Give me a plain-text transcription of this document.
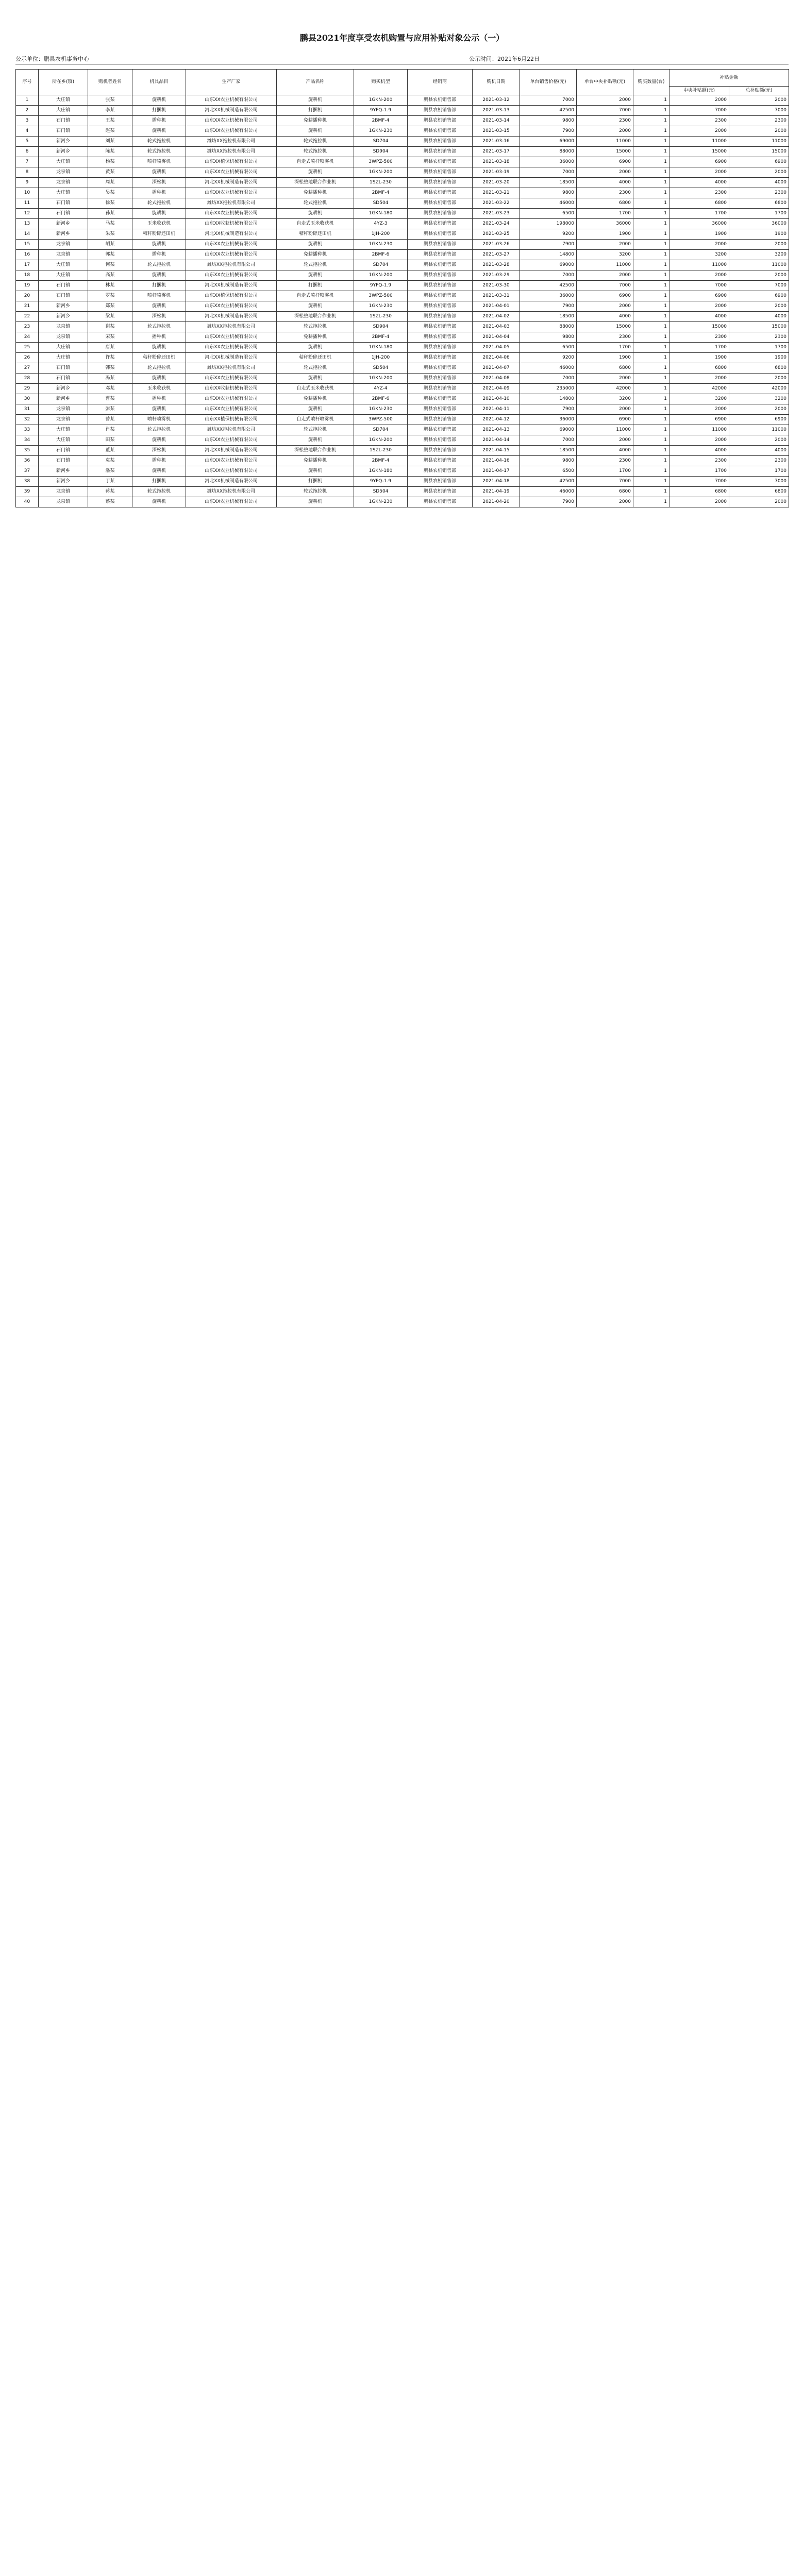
鹏县2021年度享受农机购置与应用补贴对象公示（一）
公示单位：鹏县农机事务中心	公示时间：2021年6月22日
序号	所在乡(镇)	购机者姓名	机具品目	生产厂家	产品名称	购买机型	经销商	购机日期	单台销售价格(元)	单台中央补贴额(元)	购买数量(台)	补贴金额	
												中央补贴额(元)	总补贴额(元)
1	大庄镇	张某	旋耕机	山东XX农业机械有限公司	旋耕机	1GKN-200	鹏县农机销售部	2021-03-12	7000	2000	1	2000	2000
2	大庄镇	李某	打捆机	河北XX机械制造有限公司	打捆机	9YFQ-1.9	鹏县农机销售部	2021-03-13	42500	7000	1	7000	7000
3	石门镇	王某	播种机	山东XX农业机械有限公司	免耕播种机	2BMF-4	鹏县农机销售部	2021-03-14	9800	2300	1	2300	2300
4	石门镇	赵某	旋耕机	山东XX农业机械有限公司	旋耕机	1GKN-230	鹏县农机销售部	2021-03-15	7900	2000	1	2000	2000
5	新河乡	刘某	轮式拖拉机	潍坊XX拖拉机有限公司	轮式拖拉机	SD704	鹏县农机销售部	2021-03-16	69000	11000	1	11000	11000
6	新河乡	陈某	轮式拖拉机	潍坊XX拖拉机有限公司	轮式拖拉机	SD904	鹏县农机销售部	2021-03-17	88000	15000	1	15000	15000
7	大庄镇	杨某	喷杆喷雾机	山东XX植保机械有限公司	自走式喷杆喷雾机	3WPZ-500	鹏县农机销售部	2021-03-18	36000	6900	1	6900	6900
8	龙泉镇	黄某	旋耕机	山东XX农业机械有限公司	旋耕机	1GKN-200	鹏县农机销售部	2021-03-19	7000	2000	1	2000	2000
9	龙泉镇	周某	深松机	河北XX机械制造有限公司	深松整地联合作业机	1SZL-230	鹏县农机销售部	2021-03-20	18500	4000	1	4000	4000
10	大庄镇	吴某	播种机	山东XX农业机械有限公司	免耕播种机	2BMF-4	鹏县农机销售部	2021-03-21	9800	2300	1	2300	2300
11	石门镇	徐某	轮式拖拉机	潍坊XX拖拉机有限公司	轮式拖拉机	SD504	鹏县农机销售部	2021-03-22	46000	6800	1	6800	6800
12	石门镇	孙某	旋耕机	山东XX农业机械有限公司	旋耕机	1GKN-180	鹏县农机销售部	2021-03-23	6500	1700	1	1700	1700
13	新河乡	马某	玉米收获机	山东XX收获机械有限公司	自走式玉米收获机	4YZ-3	鹏县农机销售部	2021-03-24	198000	36000	1	36000	36000
14	新河乡	朱某	秸秆粉碎还田机	河北XX机械制造有限公司	秸秆粉碎还田机	1JH-200	鹏县农机销售部	2021-03-25	9200	1900	1	1900	1900
15	龙泉镇	胡某	旋耕机	山东XX农业机械有限公司	旋耕机	1GKN-230	鹏县农机销售部	2021-03-26	7900	2000	1	2000	2000
16	龙泉镇	郭某	播种机	山东XX农业机械有限公司	免耕播种机	2BMF-6	鹏县农机销售部	2021-03-27	14800	3200	1	3200	3200
17	大庄镇	何某	轮式拖拉机	潍坊XX拖拉机有限公司	轮式拖拉机	SD704	鹏县农机销售部	2021-03-28	69000	11000	1	11000	11000
18	大庄镇	高某	旋耕机	山东XX农业机械有限公司	旋耕机	1GKN-200	鹏县农机销售部	2021-03-29	7000	2000	1	2000	2000
19	石门镇	林某	打捆机	河北XX机械制造有限公司	打捆机	9YFQ-1.9	鹏县农机销售部	2021-03-30	42500	7000	1	7000	7000
20	石门镇	罗某	喷杆喷雾机	山东XX植保机械有限公司	自走式喷杆喷雾机	3WPZ-500	鹏县农机销售部	2021-03-31	36000	6900	1	6900	6900
21	新河乡	郑某	旋耕机	山东XX农业机械有限公司	旋耕机	1GKN-230	鹏县农机销售部	2021-04-01	7900	2000	1	2000	2000
22	新河乡	梁某	深松机	河北XX机械制造有限公司	深松整地联合作业机	1SZL-230	鹏县农机销售部	2021-04-02	18500	4000	1	4000	4000
23	龙泉镇	谢某	轮式拖拉机	潍坊XX拖拉机有限公司	轮式拖拉机	SD904	鹏县农机销售部	2021-04-03	88000	15000	1	15000	15000
24	龙泉镇	宋某	播种机	山东XX农业机械有限公司	免耕播种机	2BMF-4	鹏县农机销售部	2021-04-04	9800	2300	1	2300	2300
25	大庄镇	唐某	旋耕机	山东XX农业机械有限公司	旋耕机	1GKN-180	鹏县农机销售部	2021-04-05	6500	1700	1	1700	1700
26	大庄镇	许某	秸秆粉碎还田机	河北XX机械制造有限公司	秸秆粉碎还田机	1JH-200	鹏县农机销售部	2021-04-06	9200	1900	1	1900	1900
27	石门镇	韩某	轮式拖拉机	潍坊XX拖拉机有限公司	轮式拖拉机	SD504	鹏县农机销售部	2021-04-07	46000	6800	1	6800	6800
28	石门镇	冯某	旋耕机	山东XX农业机械有限公司	旋耕机	1GKN-200	鹏县农机销售部	2021-04-08	7000	2000	1	2000	2000
29	新河乡	邓某	玉米收获机	山东XX收获机械有限公司	自走式玉米收获机	4YZ-4	鹏县农机销售部	2021-04-09	235000	42000	1	42000	42000
30	新河乡	曹某	播种机	山东XX农业机械有限公司	免耕播种机	2BMF-6	鹏县农机销售部	2021-04-10	14800	3200	1	3200	3200
31	龙泉镇	彭某	旋耕机	山东XX农业机械有限公司	旋耕机	1GKN-230	鹏县农机销售部	2021-04-11	7900	2000	1	2000	2000
32	龙泉镇	曾某	喷杆喷雾机	山东XX植保机械有限公司	自走式喷杆喷雾机	3WPZ-500	鹏县农机销售部	2021-04-12	36000	6900	1	6900	6900
33	大庄镇	肖某	轮式拖拉机	潍坊XX拖拉机有限公司	轮式拖拉机	SD704	鹏县农机销售部	2021-04-13	69000	11000	1	11000	11000
34	大庄镇	田某	旋耕机	山东XX农业机械有限公司	旋耕机	1GKN-200	鹏县农机销售部	2021-04-14	7000	2000	1	2000	2000
35	石门镇	董某	深松机	河北XX机械制造有限公司	深松整地联合作业机	1SZL-230	鹏县农机销售部	2021-04-15	18500	4000	1	4000	4000
36	石门镇	袁某	播种机	山东XX农业机械有限公司	免耕播种机	2BMF-4	鹏县农机销售部	2021-04-16	9800	2300	1	2300	2300
37	新河乡	潘某	旋耕机	山东XX农业机械有限公司	旋耕机	1GKN-180	鹏县农机销售部	2021-04-17	6500	1700	1	1700	1700
38	新河乡	于某	打捆机	河北XX机械制造有限公司	打捆机	9YFQ-1.9	鹏县农机销售部	2021-04-18	42500	7000	1	7000	7000
39	龙泉镇	蒋某	轮式拖拉机	潍坊XX拖拉机有限公司	轮式拖拉机	SD504	鹏县农机销售部	2021-04-19	46000	6800	1	6800	6800
40	龙泉镇	蔡某	旋耕机	山东XX农业机械有限公司	旋耕机	1GKN-230	鹏县农机销售部	2021-04-20	7900	2000	1	2000	2000
